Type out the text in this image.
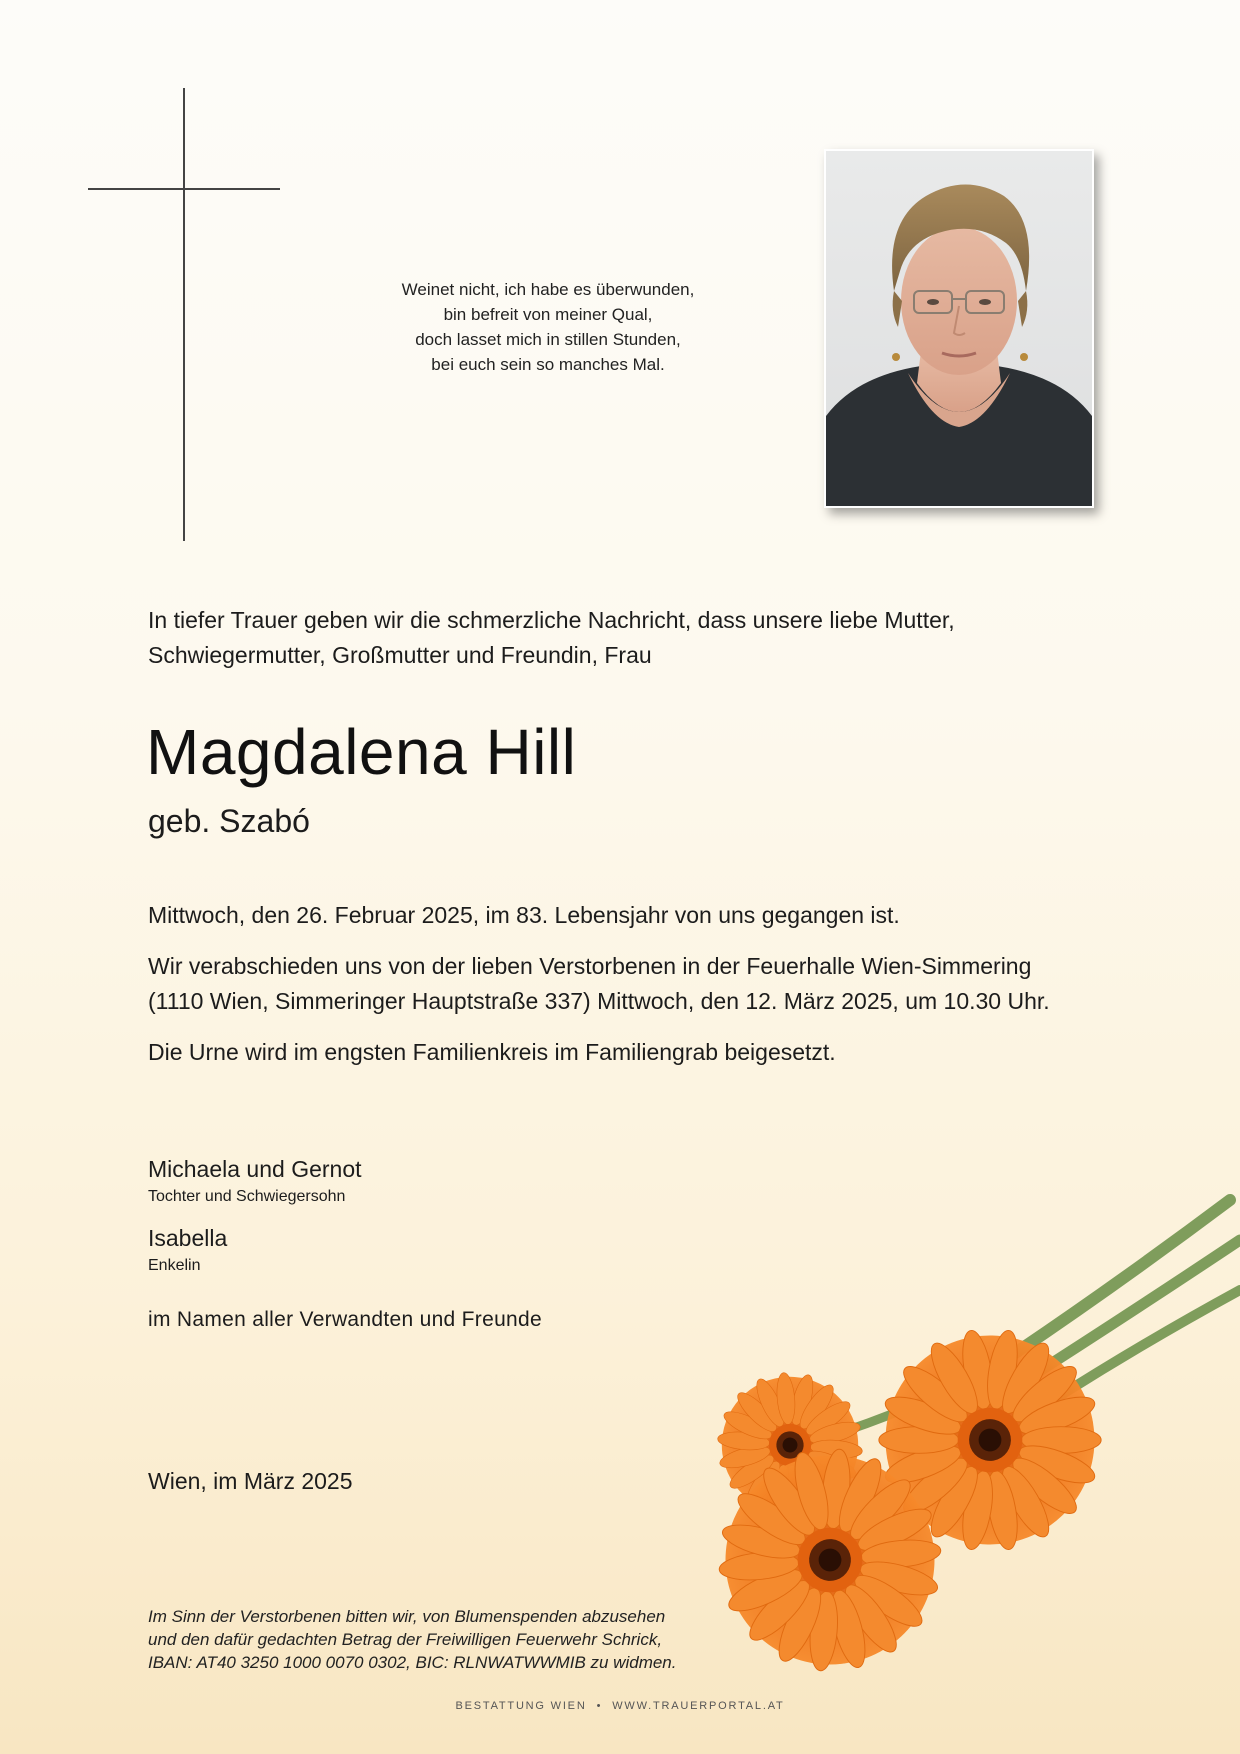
Weinet nicht, ich habe es überwunden,
bin befreit von meiner Qual,
doch lasset mich in stillen Stunden,
bei euch sein so manches Mal.
In tiefer Trauer geben wir die schmerzliche Nachricht, dass unsere liebe Mutter,
Schwiegermutter, Großmutter und Freundin, Frau
Magdalena Hill
geb. Szabó
Mittwoch, den 26. Februar 2025, im 83. Lebensjahr von uns gegangen ist.
Wir verabschieden uns von der lieben Verstorbenen in der Feuerhalle Wien-Simmering
(1110 Wien, Simmeringer Hauptstraße 337) Mittwoch, den 12. März 2025, um 10.30 Uhr.
Die Urne wird im engsten Familienkreis im Familiengrab beigesetzt.
Michaela und Gernot
Tochter und Schwiegersohn
Isabella
Enkelin
im Namen aller Verwandten und Freunde
Wien, im März 2025
Im Sinn der Verstorbenen bitten wir, von Blumenspenden abzusehen
und den dafür gedachten Betrag der Freiwilligen Feuerwehr Schrick,
IBAN: AT40 3250 1000 0070 0302, BIC: RLNWATWWMIB zu widmen.
BESTATTUNG WIEN • WWW.TRAUERPORTAL.AT
